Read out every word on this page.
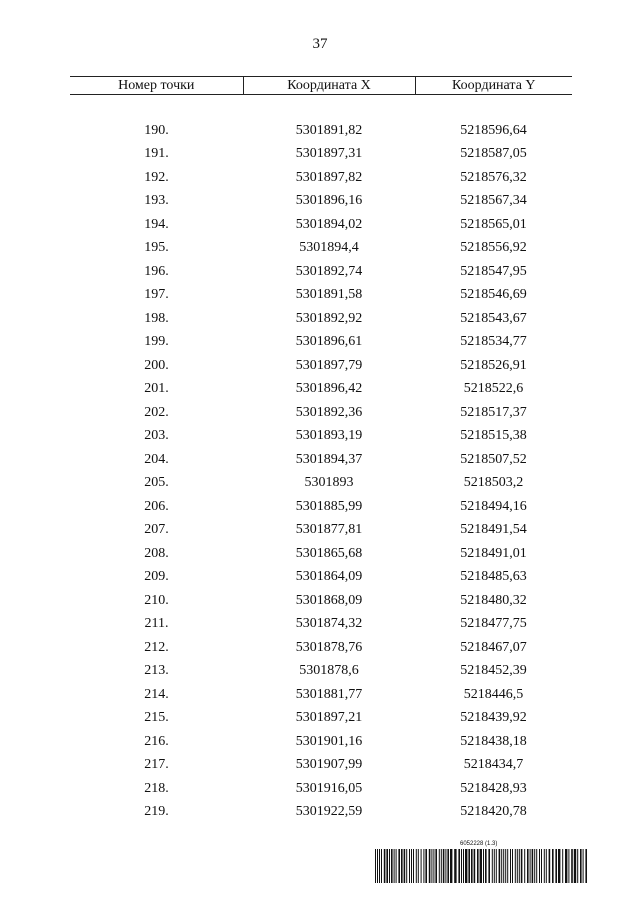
37
Номер точки	Координата X	Координата Y

190.	5301891,82	5218596,64
191.	5301897,31	5218587,05
192.	5301897,82	5218576,32
193.	5301896,16	5218567,34
194.	5301894,02	5218565,01
195.	5301894,4	5218556,92
196.	5301892,74	5218547,95
197.	5301891,58	5218546,69
198.	5301892,92	5218543,67
199.	5301896,61	5218534,77
200.	5301897,79	5218526,91
201.	5301896,42	5218522,6
202.	5301892,36	5218517,37
203.	5301893,19	5218515,38
204.	5301894,37	5218507,52
205.	5301893	5218503,2
206.	5301885,99	5218494,16
207.	5301877,81	5218491,54
208.	5301865,68	5218491,01
209.	5301864,09	5218485,63
210.	5301868,09	5218480,32
211.	5301874,32	5218477,75
212.	5301878,76	5218467,07
213.	5301878,6	5218452,39
214.	5301881,77	5218446,5
215.	5301897,21	5218439,92
216.	5301901,16	5218438,18
217.	5301907,99	5218434,7
218.	5301916,05	5218428,93
219.	5301922,59	5218420,78
6052228 (1.3)
